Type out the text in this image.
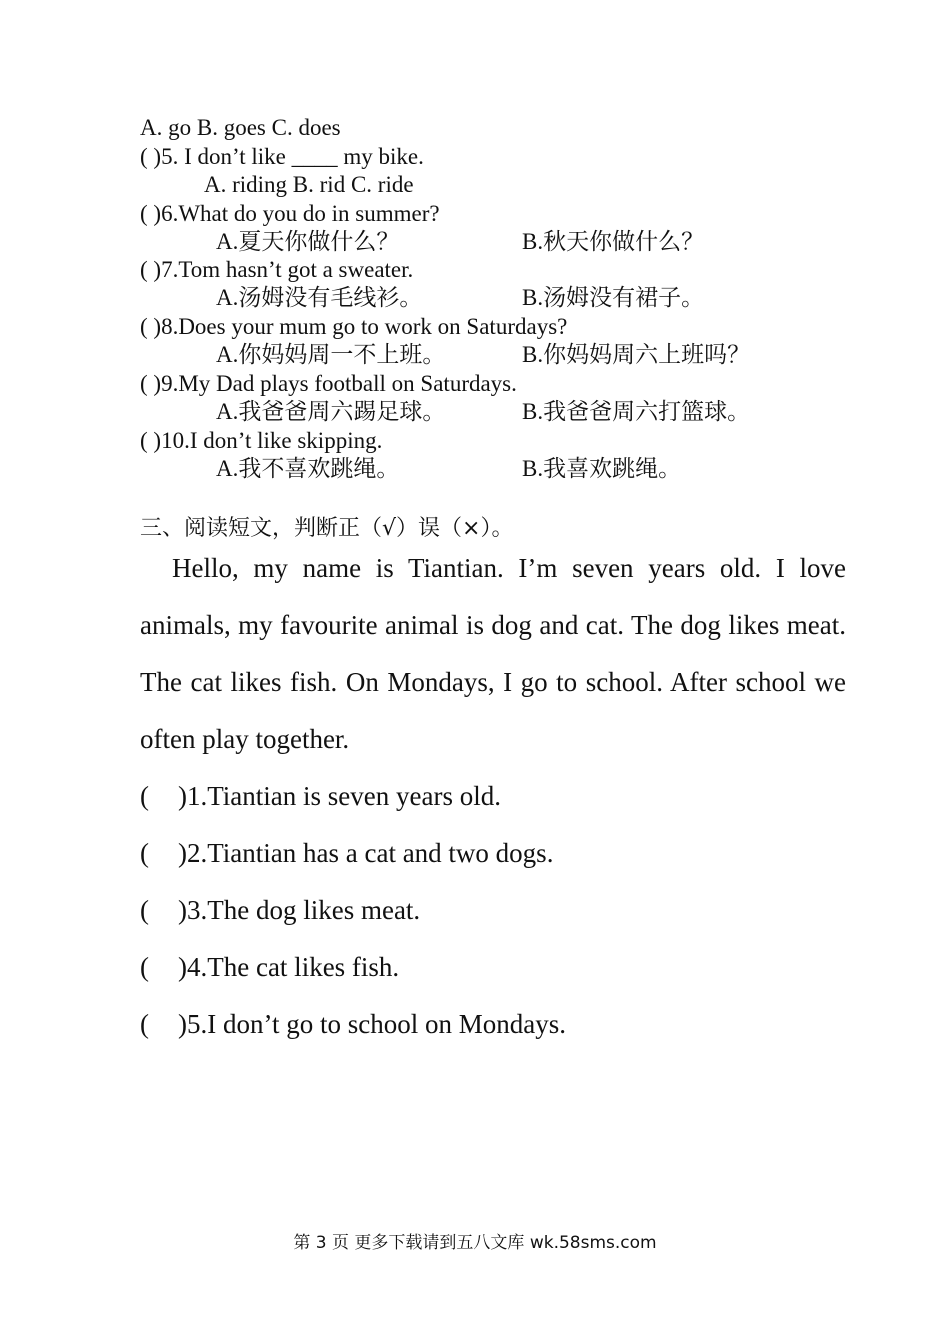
A. go B. goes C. does
( )5. I don’t like ____ my bike.
A. riding B. rid C. ride
( )6.What do you do in summer?
A.夏天你做什么？	B.秋天你做什么？
( )7.Tom hasn’t got a sweater.
A.汤姆没有毛线衫。	B.汤姆没有裙子。
( )8.Does your mum go to work on Saturdays?
A.你妈妈周一不上班。	B.你妈妈周六上班吗？
( )9.My Dad plays football on Saturdays.
A.我爸爸周六踢足球。	B.我爸爸周六打篮球。
( )10.I don’t like skipping.
A.我不喜欢跳绳。	B.我喜欢跳绳。
三、阅读短文，判断正（√）误（×）。

Hello, my name is Tiantian. I’m seven years old. I love animals, my favourite animal is dog and cat. The dog likes meat. The cat likes fish. On Mondays, I go to school. After school we often play together.

( )1.Tiantian is seven years old.
( )2.Tiantian has a cat and two dogs.
( )3.The dog likes meat.
( )4.The cat likes fish.
( )5.I don’t go to school on Mondays.
第 3 页 更多下载请到五八文库 wk.58sms.com
